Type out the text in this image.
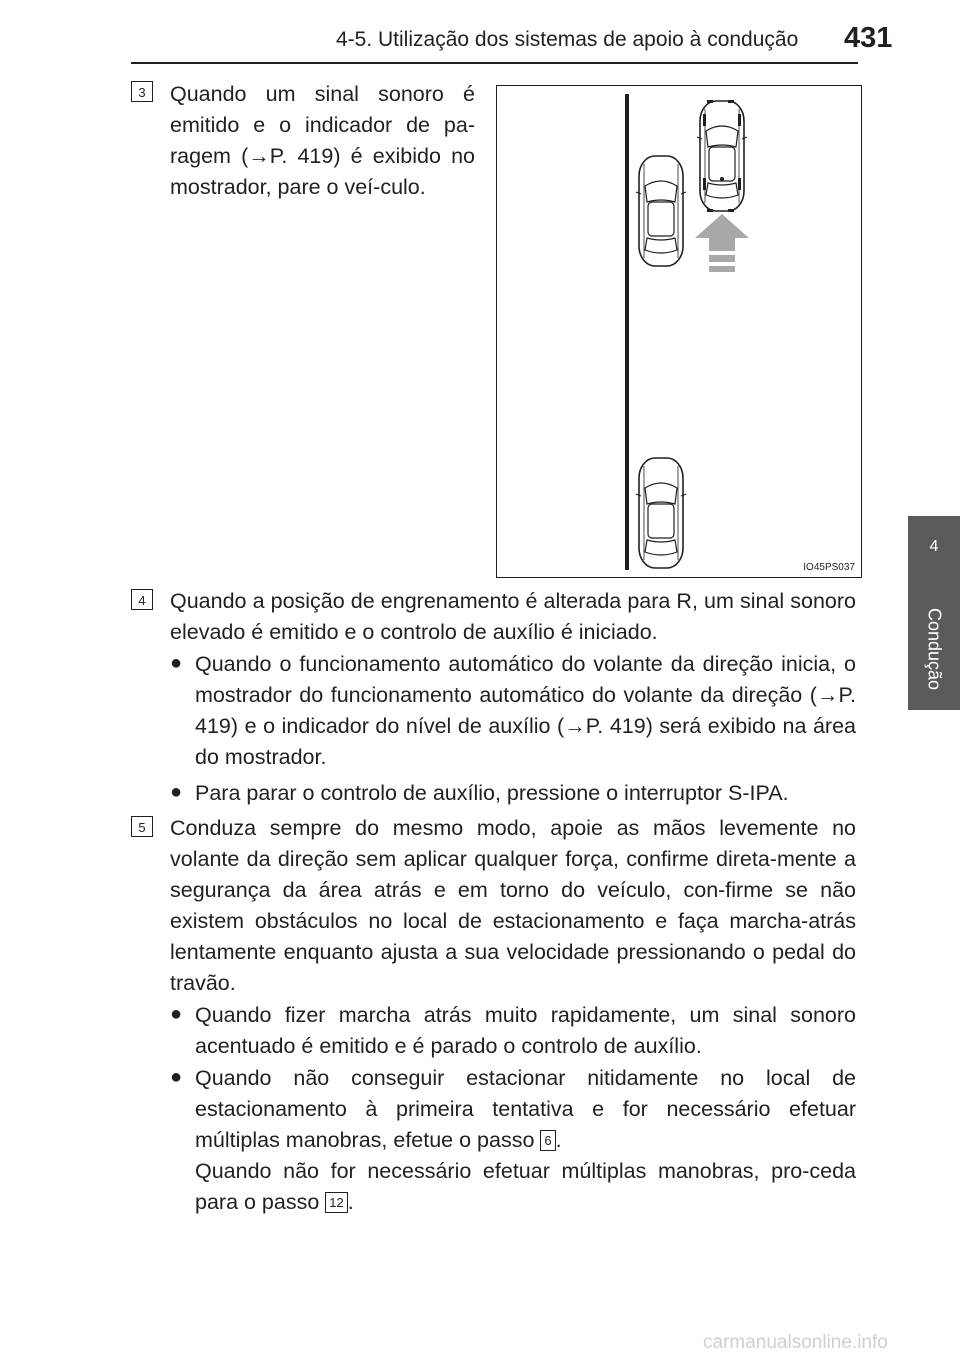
4-5. Utilização dos sistemas de apoio à condução 431
4
Condução
3	Quando um sinal sonoro é emitido e o indicador de pa-ragem (→P. 419) é exibido no mostrador, pare o veí-culo.
IO45PS037
4	Quando a posição de engrenamento é alterada para R, um sinal sonoro elevado é emitido e o controlo de auxílio é iniciado.
● Quando o funcionamento automático do volante da direção inicia, o mostrador do funcionamento automático do volante da direção (→P. 419) e o indicador do nível de auxílio (→P. 419) será exibido na área do mostrador.
● Para parar o controlo de auxílio, pressione o interruptor S-IPA.
5	Conduza sempre do mesmo modo, apoie as mãos levemente no volante da direção sem aplicar qualquer força, confirme direta-mente a segurança da área atrás e em torno do veículo, con-firme se não existem obstáculos no local de estacionamento e faça marcha-atrás lentamente enquanto ajusta a sua velocidade pressionando o pedal do travão.
● Quando fizer marcha atrás muito rapidamente, um sinal sonoro acentuado é emitido e é parado o controlo de auxílio.
● Quando não conseguir estacionar nitidamente no local de estacionamento à primeira tentativa e for necessário efetuar múltiplas manobras, efetue o passo 6 .
Quando não for necessário efetuar múltiplas manobras, pro-ceda para o passo 12 .
carmanualsonline.info
